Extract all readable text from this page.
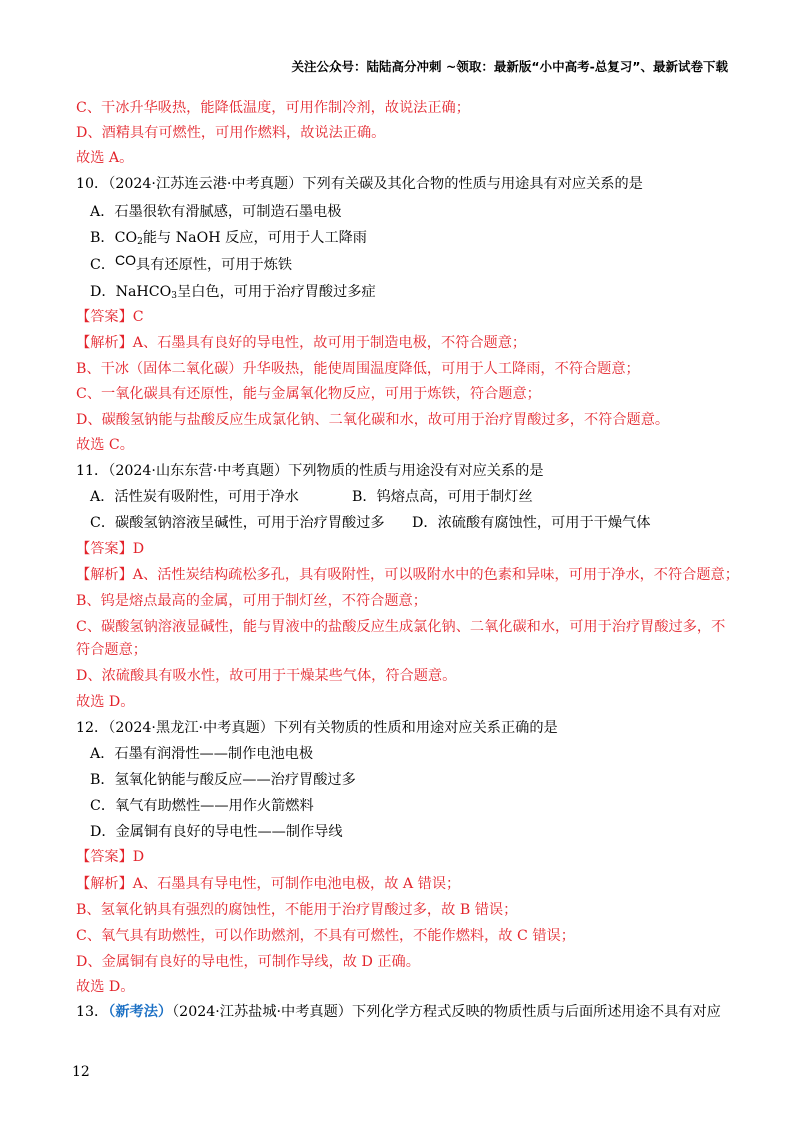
关注公众号：陆陆高分冲刺 ~领取：最新版“小中高考-总复习”、最新试卷下载
C、干冰升华吸热，能降低温度，可用作制冷剂，故说法正确；
D、酒精具有可燃性，可用作燃料，故说法正确。
故选 A。
10．（2024·江苏连云港·中考真题）下列有关碳及其化合物的性质与用途具有对应关系的是
A．石墨很软有滑腻感，可制造石墨电极
B．$CO_2$能与 NaOH 反应，可用于人工降雨
C．CO具有还原性，可用于炼铁
D．NaHCO$_3$呈白色，可用于治疗胃酸过多症
【答案】C
【解析】A、石墨具有良好的导电性，故可用于制造电极，不符合题意；
B、干冰（固体二氧化碳）升华吸热，能使周围温度降低，可用于人工降雨，不符合题意；
C、一氧化碳具有还原性，能与金属氧化物反应，可用于炼铁，符合题意；
D、碳酸氢钠能与盐酸反应生成氯化钠、二氧化碳和水，故可用于治疗胃酸过多，不符合题意。
故选 C。
11．（2024·山东东营·中考真题）下列物质的性质与用途没有对应关系的是
A．活性炭有吸附性，可用于净水	B．钨熔点高，可用于制灯丝
C．碳酸氢钠溶液呈碱性，可用于治疗胃酸过多 D．浓硫酸有腐蚀性，可用于干燥气体
【答案】D
【解析】A、活性炭结构疏松多孔，具有吸附性，可以吸附水中的色素和异味，可用于净水，不符合题意；
B、钨是熔点最高的金属，可用于制灯丝，不符合题意；
C、碳酸氢钠溶液显碱性，能与胃液中的盐酸反应生成氯化钠、二氧化碳和水，可用于治疗胃酸过多，不
符合题意；
D、浓硫酸具有吸水性，故可用于干燥某些气体，符合题意。
故选 D。
12．（2024·黑龙江·中考真题）下列有关物质的性质和用途对应关系正确的是
A．石墨有润滑性——制作电池电极
B．氢氧化钠能与酸反应——治疗胃酸过多
C．氧气有助燃性——用作火箭燃料
D．金属铜有良好的导电性——制作导线
【答案】D
【解析】A、石墨具有导电性，可制作电池电极，故 A 错误；
B、氢氧化钠具有强烈的腐蚀性，不能用于治疗胃酸过多，故 B 错误；
C、氧气具有助燃性，可以作助燃剂，不具有可燃性，不能作燃料，故 C 错误；
D、金属铜有良好的导电性，可制作导线，故 D 正确。
故选 D。
13．（新考法）（2024·江苏盐城·中考真题）下列化学方程式反映的物质性质与后面所述用途不具有对应
12
